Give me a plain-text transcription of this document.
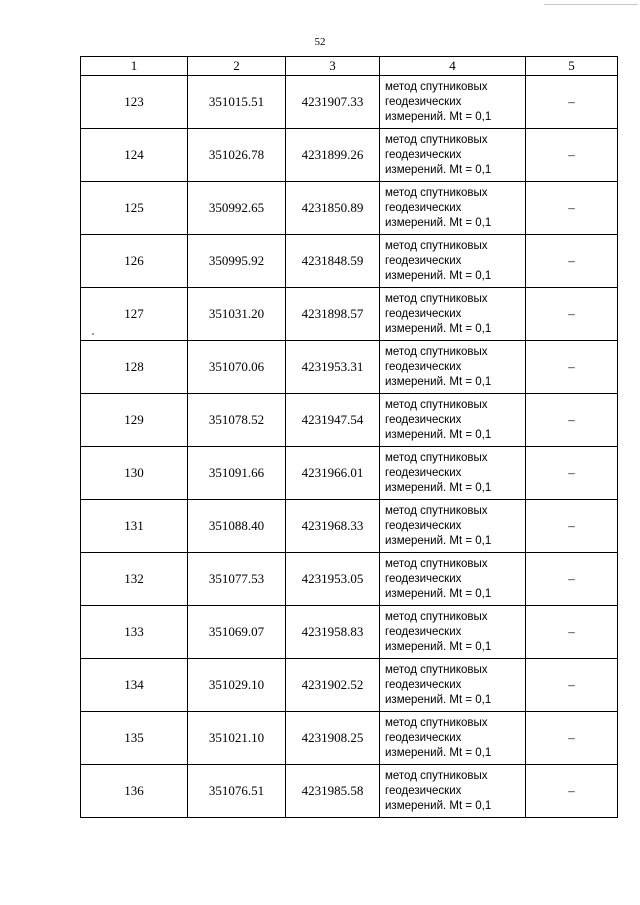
52
1	2	3	4	5
123	351015.51	4231907.33	метод спутниковых
геодезических
измерений. Mt = 0,1	–
124	351026.78	4231899.26	метод спутниковых
геодезических
измерений. Mt = 0,1	–
125	350992.65	4231850.89	метод спутниковых
геодезических
измерений. Mt = 0,1	–
126	350995.92	4231848.59	метод спутниковых
геодезических
измерений. Mt = 0,1	–
127	351031.20	4231898.57	метод спутниковых
геодезических
измерений. Mt = 0,1	–
128	351070.06	4231953.31	метод спутниковых
геодезических
измерений. Mt = 0,1	–
129	351078.52	4231947.54	метод спутниковых
геодезических
измерений. Mt = 0,1	–
130	351091.66	4231966.01	метод спутниковых
геодезических
измерений. Mt = 0,1	–
131	351088.40	4231968.33	метод спутниковых
геодезических
измерений. Mt = 0,1	–
132	351077.53	4231953.05	метод спутниковых
геодезических
измерений. Mt = 0,1	–
133	351069.07	4231958.83	метод спутниковых
геодезических
измерений. Mt = 0,1	–
134	351029.10	4231902.52	метод спутниковых
геодезических
измерений. Mt = 0,1	–
135	351021.10	4231908.25	метод спутниковых
геодезических
измерений. Mt = 0,1	–
136	351076.51	4231985.58	метод спутниковых
геодезических
измерений. Mt = 0,1	–
